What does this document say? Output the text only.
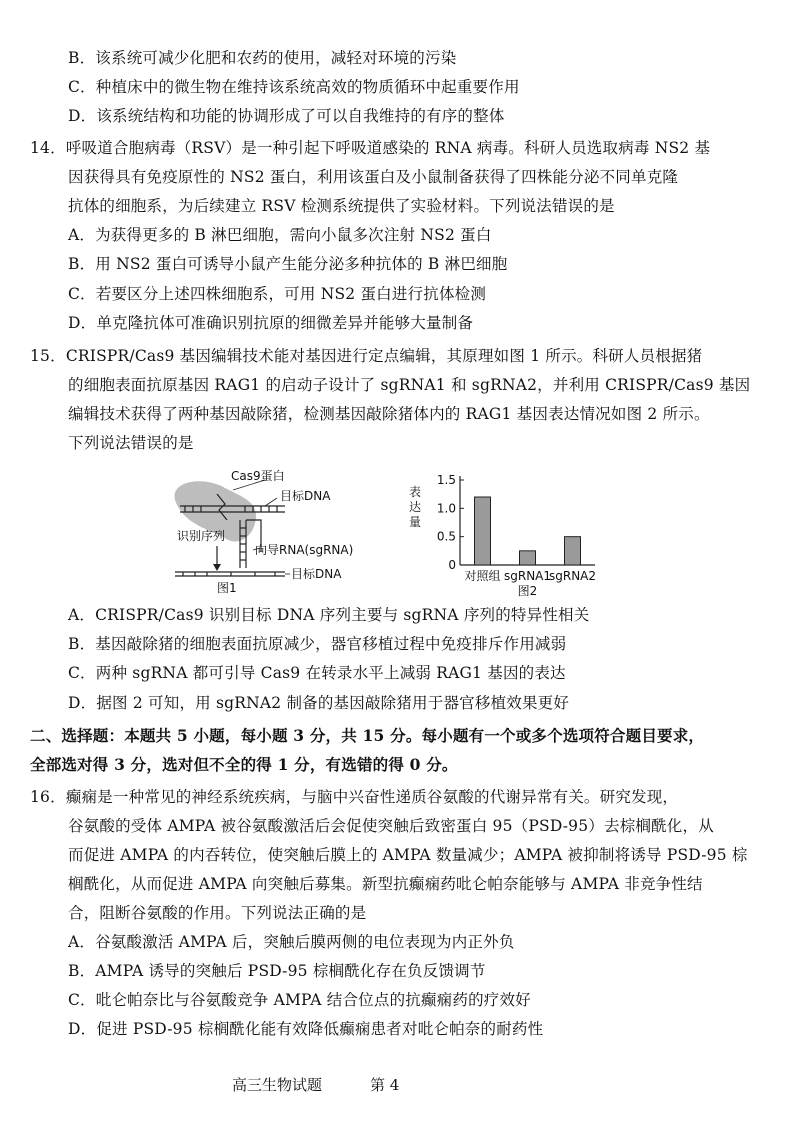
B．该系统可减少化肥和农药的使用，减轻对环境的污染
C．种植床中的微生物在维持该系统高效的物质循环中起重要作用
D．该系统结构和功能的协调形成了可以自我维持的有序的整体
14．呼吸道合胞病毒（RSV）是一种引起下呼吸道感染的 RNA 病毒。科研人员选取病毒 NS2 基
因获得具有免疫原性的 NS2 蛋白，利用该蛋白及小鼠制备获得了四株能分泌不同单克隆
抗体的细胞系，为后续建立 RSV 检测系统提供了实验材料。下列说法错误的是
A．为获得更多的 B 淋巴细胞，需向小鼠多次注射 NS2 蛋白
B．用 NS2 蛋白可诱导小鼠产生能分泌多种抗体的 B 淋巴细胞
C．若要区分上述四株细胞系，可用 NS2 蛋白进行抗体检测
D．单克隆抗体可准确识别抗原的细微差异并能够大量制备
15．CRISPR/Cas9 基因编辑技术能对基因进行定点编辑，其原理如图 1 所示。科研人员根据猪
的细胞表面抗原基因 RAG1 的启动子设计了 sgRNA1 和 sgRNA2，并利用 CRISPR/Cas9 基因
编辑技术获得了两种基因敲除猪，检测基因敲除猪体内的 RAG1 基因表达情况如图 2 所示。
下列说法错误的是
Cas9蛋白
目标DNA
识别序列
向导RNA(sgRNA)
目标DNA
图1
表
达
量
1.5
1.0
0.5
0
对照组 sgRNA1
sgRNA2
图2
A．CRISPR/Cas9 识别目标 DNA 序列主要与 sgRNA 序列的特异性相关
B．基因敲除猪的细胞表面抗原减少，器官移植过程中免疫排斥作用减弱
C．两种 sgRNA 都可引导 Cas9 在转录水平上减弱 RAG1 基因的表达
D．据图 2 可知，用 sgRNA2 制备的基因敲除猪用于器官移植效果更好
二、选择题：本题共 5 小题，每小题 3 分，共 15 分。每小题有一个或多个选项符合题目要求，
全部选对得 3 分，选对但不全的得 1 分，有选错的得 0 分。
16．癫痫是一种常见的神经系统疾病，与脑中兴奋性递质谷氨酸的代谢异常有关。研究发现，
谷氨酸的受体 AMPA 被谷氨酸激活后会促使突触后致密蛋白 95（PSD-95）去棕榈酰化，从
而促进 AMPA 的内吞转位，使突触后膜上的 AMPA 数量减少；AMPA 被抑制将诱导 PSD-95 棕
榈酰化，从而促进 AMPA 向突触后募集。新型抗癫痫药吡仑帕奈能够与 AMPA 非竞争性结
合，阻断谷氨酸的作用。下列说法正确的是
A．谷氨酸激活 AMPA 后，突触后膜两侧的电位表现为内正外负
B．AMPA 诱导的突触后 PSD-95 棕榈酰化存在负反馈调节
C．吡仑帕奈比与谷氨酸竞争 AMPA 结合位点的抗癫痫药的疗效好
D．促进 PSD-95 棕榈酰化能有效降低癫痫患者对吡仑帕奈的耐药性
高三生物试题	第 4
